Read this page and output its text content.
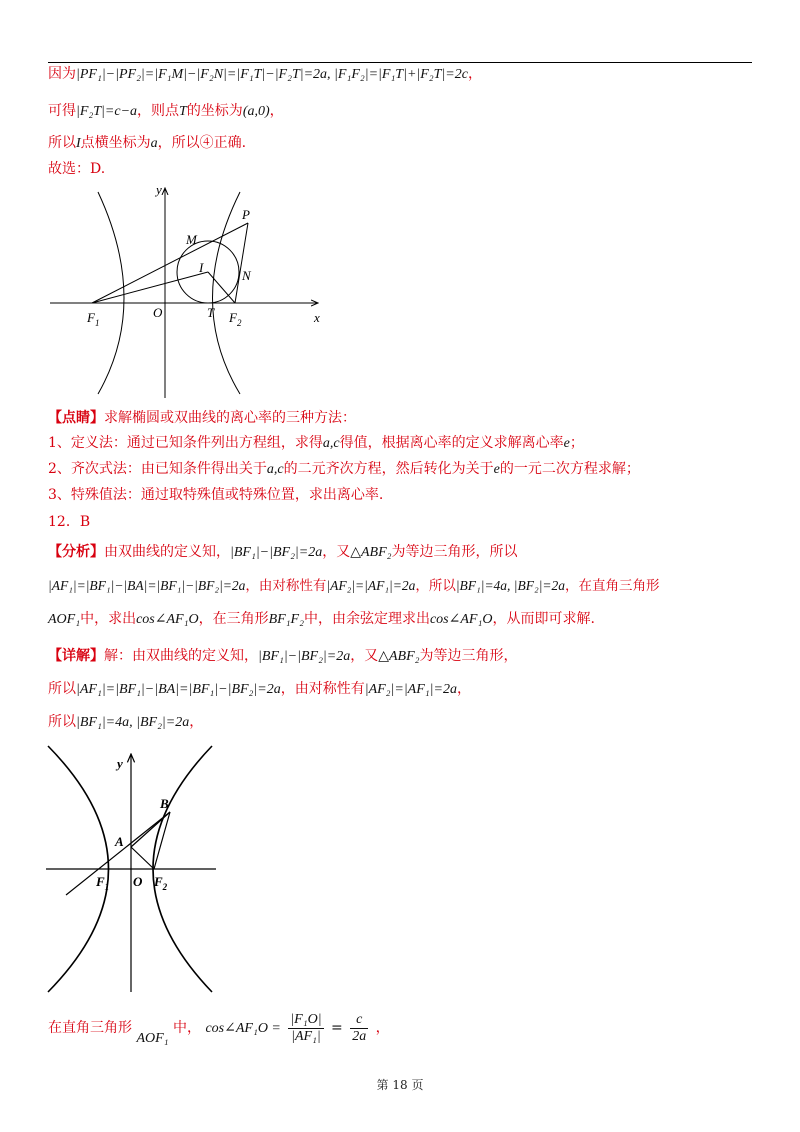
因为|PF₁|−|PF₂|=|F₁M|−|F₂N|=|F₁T|−|F₂T|=2a, |F₁F₂|=|F₁T|+|F₂T|=2c，
可得|F₂T|=c−a，则点T的坐标为(a,0)，
所以I点横坐标为a，所以④正确.
故选：D.
y
x
P
M
I
N
$F_1$
O	T $F_2$
【点睛】求解椭圆或双曲线的离心率的三种方法：
1、定义法：通过已知条件列出方程组，求得a,c得值，根据离心率的定义求解离心率e；
2、齐次式法：由已知条件得出关于a,c的二元齐次方程，然后转化为关于e的一元二次方程求解；
3、特殊值法：通过取特殊值或特殊位置，求出离心率.
12．B
【分析】由双曲线的定义知，|BF₁|−|BF₂|=2a，又△ABF₂为等边三角形，所以
|AF₁|=|BF₁|−|BA|=|BF₁|−|BF₂|=2a，由对称性有|AF₂|=|AF₁|=2a，所以|BF₁|=4a, |BF₂|=2a，在直角三角形
AOF₁中，求出cos∠AF₁O，在三角形BF₁F₂中，由余弦定理求出cos∠AF₁O，从而即可求解.
【详解】解：由双曲线的定义知，|BF₁|−|BF₂|=2a，又△ABF₂为等边三角形，
所以|AF₁|=|BF₁|−|BA|=|BF₁|−|BF₂|=2a，由对称性有|AF₂|=|AF₁|=2a，
所以|BF₁|=4a, |BF₂|=2a，
y
B
A
$F_1$ O $F_2$
在直角三角形 AOF₁ 中， cos∠AF₁O = $\frac{\text{|F₁O|}}{\text{|AF₁|}} = \frac{c}{2a}$ ，
第 18 页
